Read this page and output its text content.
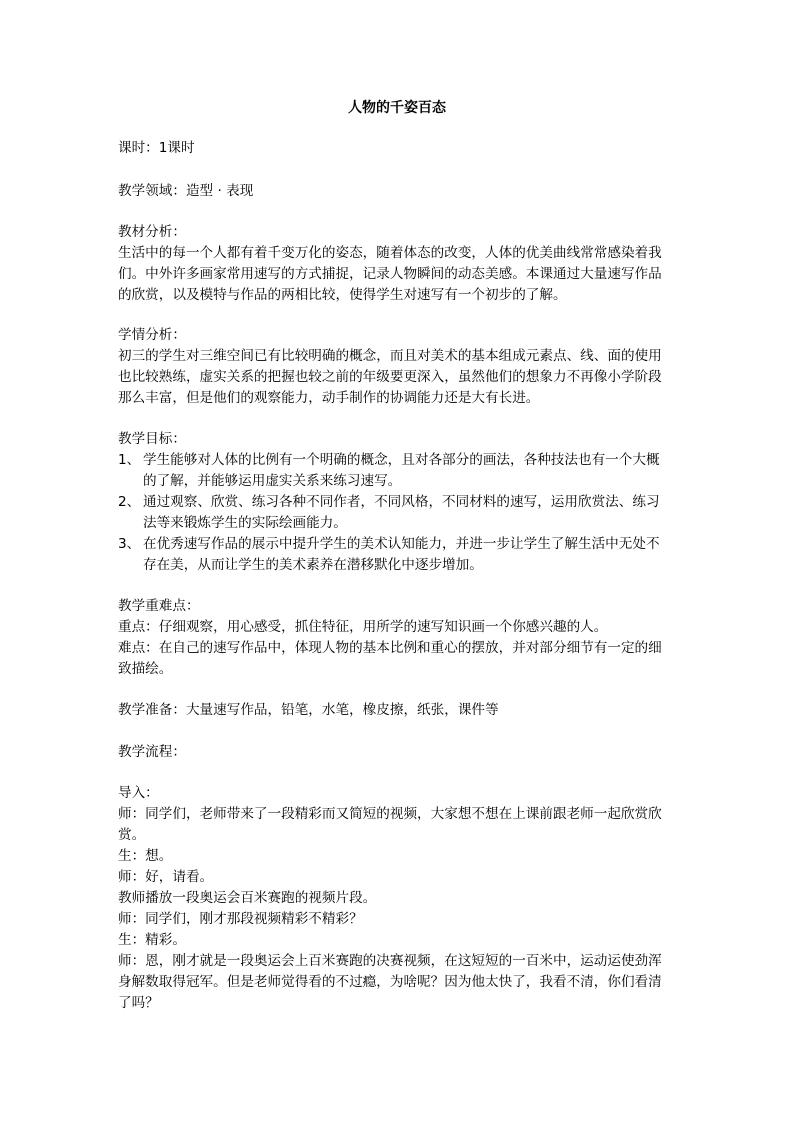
人物的千姿百态
课时：1课时
教学领域：造型 · 表现
教材分析：
生活中的每一个人都有着千变万化的姿态，随着体态的改变，人体的优美曲线常常感染着我
们。中外许多画家常用速写的方式捕捉，记录人物瞬间的动态美感。本课通过大量速写作品
的欣赏，以及模特与作品的两相比较，使得学生对速写有一个初步的了解。
学情分析：
初三的学生对三维空间已有比较明确的概念，而且对美术的基本组成元素点、线、面的使用
也比较熟练，虚实关系的把握也较之前的年级要更深入，虽然他们的想象力不再像小学阶段
那么丰富，但是他们的观察能力，动手制作的协调能力还是大有长进。
教学目标：
1、 学生能够对人体的比例有一个明确的概念，且对各部分的画法，各种技法也有一个大概
的了解，并能够运用虚实关系来练习速写。
2、 通过观察、欣赏、练习各种不同作者，不同风格，不同材料的速写，运用欣赏法、练习
法等来锻炼学生的实际绘画能力。
3、 在优秀速写作品的展示中提升学生的美术认知能力，并进一步让学生了解生活中无处不
存在美，从而让学生的美术素养在潜移默化中逐步增加。
教学重难点：
重点：仔细观察，用心感受，抓住特征，用所学的速写知识画一个你感兴趣的人。
难点：在自己的速写作品中，体现人物的基本比例和重心的摆放，并对部分细节有一定的细
致描绘。
教学准备：大量速写作品，铅笔，水笔，橡皮擦，纸张，课件等
教学流程：
导入：
师：同学们，老师带来了一段精彩而又简短的视频，大家想不想在上课前跟老师一起欣赏欣
赏。
生：想。
师：好，请看。
教师播放一段奥运会百米赛跑的视频片段。
师：同学们，刚才那段视频精彩不精彩？
生：精彩。
师：恩，刚才就是一段奥运会上百米赛跑的决赛视频，在这短短的一百米中，运动运使劲浑
身解数取得冠军。但是老师觉得看的不过瘾，为啥呢？因为他太快了，我看不清，你们看清
了吗？
